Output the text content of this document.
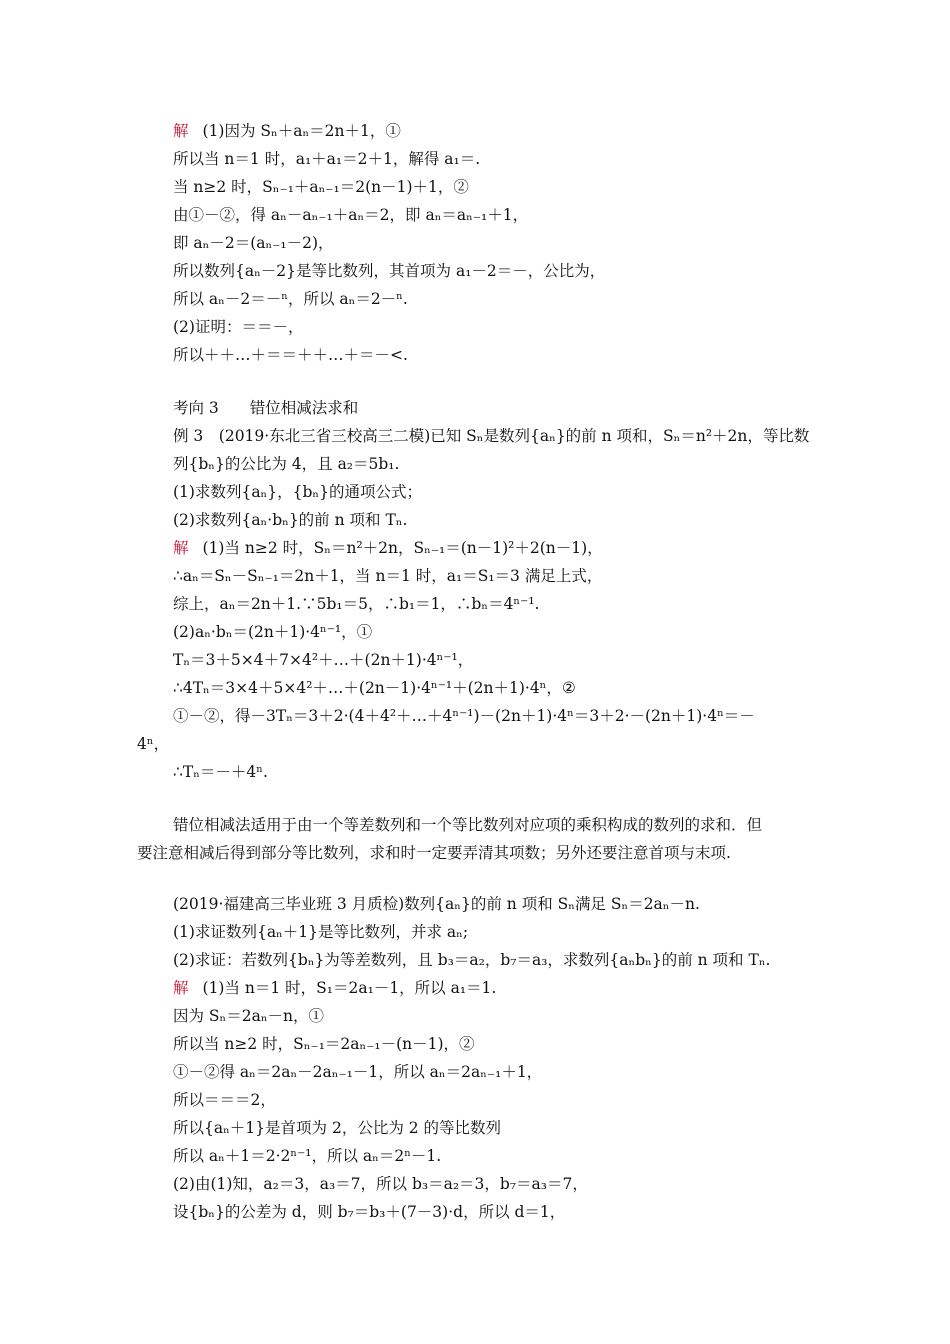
解 (1)因为 Sₙ＋aₙ＝2n＋1，①
所以当 n＝1 时，a₁＋a₁＝2＋1，解得 a₁＝.
当 n≥2 时，Sₙ₋₁＋aₙ₋₁＝2(n－1)＋1，②
由①－②，得 aₙ－aₙ₋₁＋aₙ＝2，即 aₙ＝aₙ₋₁＋1，
即 aₙ－2＝(aₙ₋₁－2)，
所以数列{aₙ－2}是等比数列，其首项为 a₁－2＝－，公比为，
所以 aₙ－2＝－ⁿ，所以 aₙ＝2－ⁿ.
(2)证明：＝＝－，
所以＋＋…＋＝＝＋＋…＋＝－<.
考向 3　　错位相减法求和
例 3　(2019·东北三省三校高三二模)已知 Sₙ是数列{aₙ}的前 n 项和，Sₙ＝n²＋2n，等比数
列{bₙ}的公比为 4，且 a₂＝5b₁.
(1)求数列{aₙ}，{bₙ}的通项公式；
(2)求数列{aₙ·bₙ}的前 n 项和 Tₙ.
解 (1)当 n≥2 时，Sₙ＝n²＋2n，Sₙ₋₁＝(n－1)²＋2(n－1)，
∴aₙ＝Sₙ－Sₙ₋₁＝2n＋1，当 n＝1 时，a₁＝S₁＝3 满足上式，
综上，aₙ＝2n＋1.∵5b₁＝5，∴b₁＝1，∴bₙ＝4ⁿ⁻¹.
(2)aₙ·bₙ＝(2n＋1)·4ⁿ⁻¹，①
Tₙ＝3＋5×4＋7×4²＋…＋(2n＋1)·4ⁿ⁻¹，
∴4Tₙ＝3×4＋5×4²＋…＋(2n－1)·4ⁿ⁻¹＋(2n＋1)·4ⁿ，②
①－②，得－3Tₙ＝3＋2·(4＋4²＋…＋4ⁿ⁻¹)－(2n＋1)·4ⁿ＝3＋2·－(2n＋1)·4ⁿ＝－
4ⁿ，
∴Tₙ＝－＋4ⁿ.
错位相减法适用于由一个等差数列和一个等比数列对应项的乘积构成的数列的求和．但
要注意相减后得到部分等比数列，求和时一定要弄清其项数；另外还要注意首项与末项.
(2019·福建高三毕业班 3 月质检)数列{aₙ}的前 n 项和 Sₙ满足 Sₙ＝2aₙ－n.
(1)求证数列{aₙ＋1}是等比数列，并求 aₙ;
(2)求证：若数列{bₙ}为等差数列，且 b₃＝a₂，b₇＝a₃，求数列{aₙbₙ}的前 n 项和 Tₙ.
解 (1)当 n＝1 时，S₁＝2a₁－1，所以 a₁＝1.
因为 Sₙ＝2aₙ－n，①
所以当 n≥2 时，Sₙ₋₁＝2aₙ₋₁－(n－1)，②
①－②得 aₙ＝2aₙ－2aₙ₋₁－1，所以 aₙ＝2aₙ₋₁＋1，
所以＝＝＝2，
所以{aₙ＋1}是首项为 2，公比为 2 的等比数列
所以 aₙ＋1＝2·2ⁿ⁻¹，所以 aₙ＝2ⁿ－1.
(2)由(1)知，a₂＝3，a₃＝7，所以 b₃＝a₂＝3，b₇＝a₃＝7，
设{bₙ}的公差为 d，则 b₇＝b₃＋(7－3)·d，所以 d＝1，
